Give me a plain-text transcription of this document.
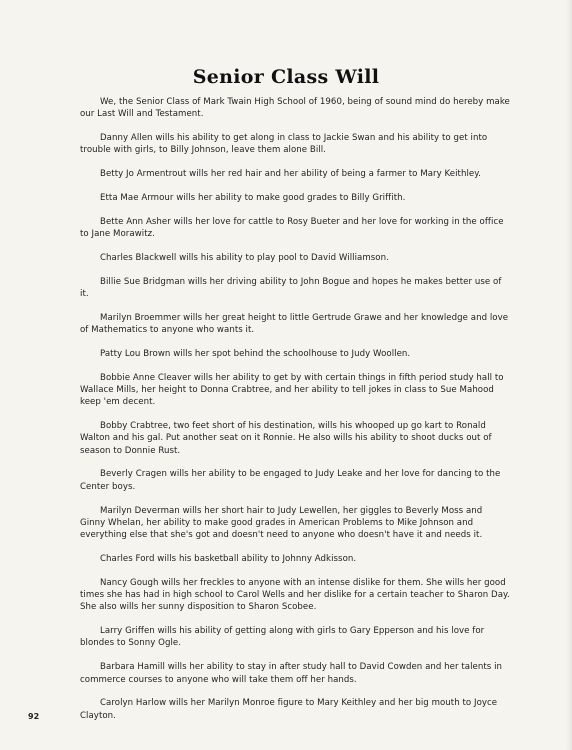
Senior Class Will

We, the Senior Class of Mark Twain High School of 1960, being of sound mind do hereby make our Last Will and Testament.

Danny Allen wills his ability to get along in class to Jackie Swan and his ability to get into trouble with girls, to Billy Johnson, leave them alone Bill.

Betty Jo Armentrout wills her red hair and her ability of being a farmer to Mary Keithley.

Etta Mae Armour wills her ability to make good grades to Billy Griffith.

Bette Ann Asher wills her love for cattle to Rosy Bueter and her love for working in the office to Jane Morawitz.

Charles Blackwell wills his ability to play pool to David Williamson.

Billie Sue Bridgman wills her driving ability to John Bogue and hopes he makes better use of it.

Marilyn Broemmer wills her great height to little Gertrude Grawe and her knowledge and love of Mathematics to anyone who wants it.

Patty Lou Brown wills her spot behind the schoolhouse to Judy Woollen.

Bobbie Anne Cleaver wills her ability to get by with certain things in fifth period study hall to Wallace Mills, her height to Donna Crabtree, and her ability to tell jokes in class to Sue Mahood keep 'em decent.

Bobby Crabtree, two feet short of his destination, wills his whooped up go kart to Ronald Walton and his gal. Put another seat on it Ronnie. He also wills his ability to shoot ducks out of season to Donnie Rust.

Beverly Cragen wills her ability to be engaged to Judy Leake and her love for dancing to the Center boys.

Marilyn Deverman wills her short hair to Judy Lewellen, her giggles to Beverly Moss and Ginny Whelan, her ability to make good grades in American Problems to Mike Johnson and everything else that she's got and doesn't need to anyone who doesn't have it and needs it.

Charles Ford wills his basketball ability to Johnny Adkisson.

Nancy Gough wills her freckles to anyone with an intense dislike for them. She wills her good times she has had in high school to Carol Wells and her dislike for a certain teacher to Sharon Day. She also wills her sunny disposition to Sharon Scobee.

Larry Griffen wills his ability of getting along with girls to Gary Epperson and his love for blondes to Sonny Ogle.

Barbara Hamill wills her ability to stay in after study hall to David Cowden and her talents in commerce courses to anyone who will take them off her hands.

Carolyn Harlow wills her Marilyn Monroe figure to Mary Keithley and her big mouth to Joyce Clayton.

92
